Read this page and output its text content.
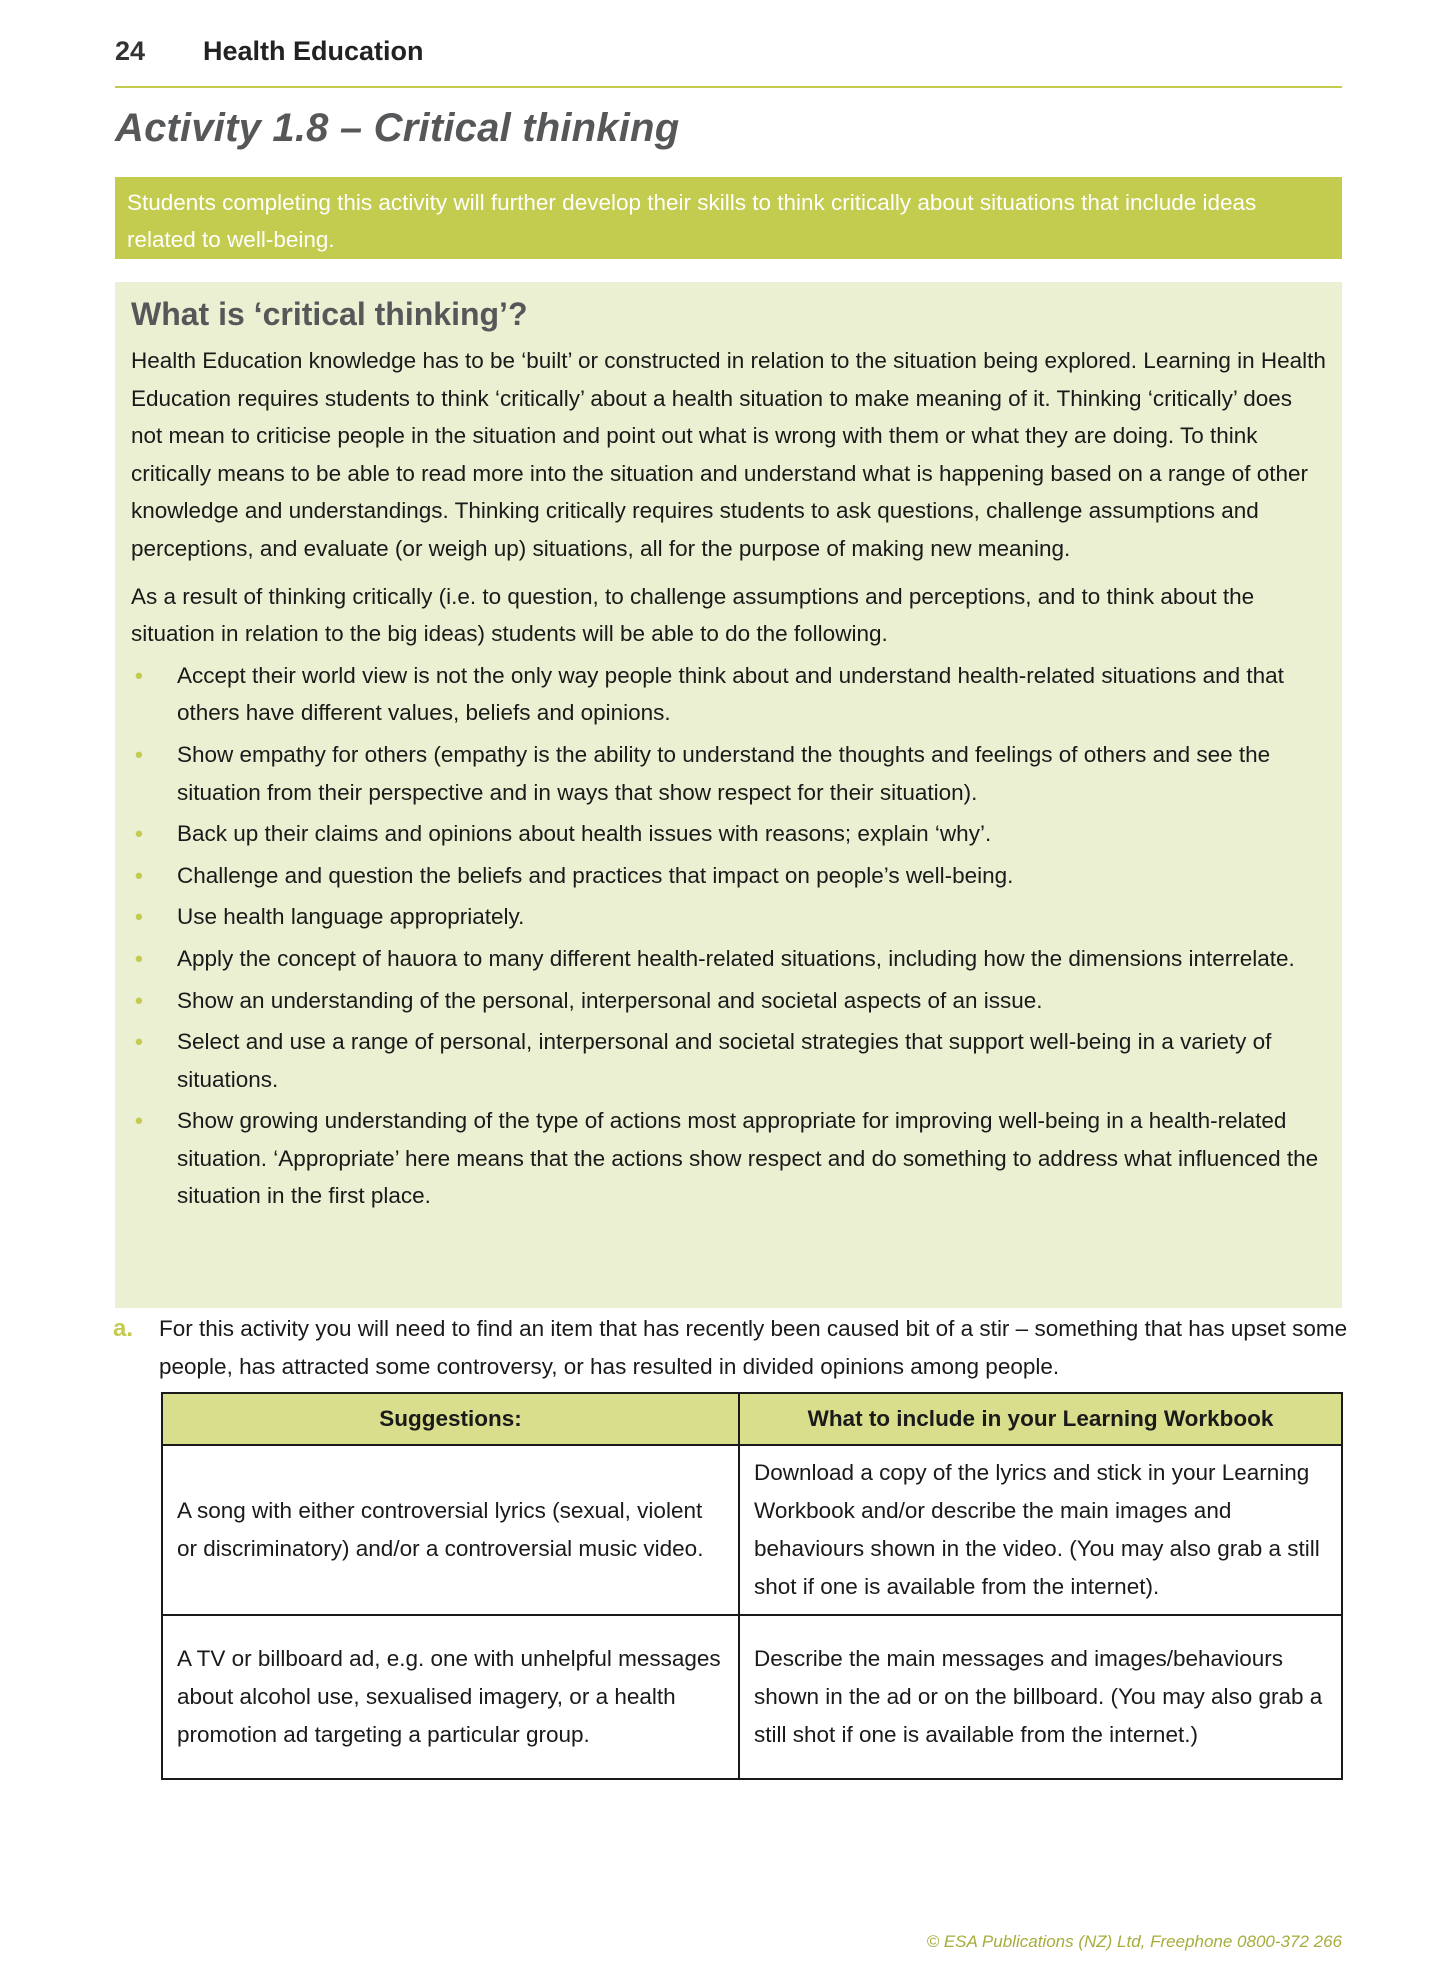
24 Health Education
Activity 1.8 – Critical thinking

Students completing this activity will further develop their skills to think critically about situations that include ideas related to well-being.

What is ‘critical thinking’?

Health Education knowledge has to be ‘built’ or constructed in relation to the situation being explored. Learning in Health Education requires students to think ‘critically’ about a health situation to make meaning of it. Thinking ‘critically’ does not mean to criticise people in the situation and point out what is wrong with them or what they are doing. To think critically means to be able to read more into the situation and understand what is happening based on a range of other knowledge and understandings. Thinking critically requires students to ask questions, challenge assumptions and perceptions, and evaluate (or weigh up) situations, all for the purpose of making new meaning.

As a result of thinking critically (i.e. to question, to challenge assumptions and perceptions, and to think about the situation in relation to the big ideas) students will be able to do the following.

• Accept their world view is not the only way people think about and understand health-related situations and that others have different values, beliefs and opinions.
• Show empathy for others (empathy is the ability to understand the thoughts and feelings of others and see the situation from their perspective and in ways that show respect for their situation).
• Back up their claims and opinions about health issues with reasons; explain ‘why’.
• Challenge and question the beliefs and practices that impact on people’s well-being.
• Use health language appropriately.
• Apply the concept of hauora to many different health-related situations, including how the dimensions interrelate.
• Show an understanding of the personal, interpersonal and societal aspects of an issue.
• Select and use a range of personal, interpersonal and societal strategies that support well-being in a variety of situations.
• Show growing understanding of the type of actions most appropriate for improving well-being in a health-related situation. ‘Appropriate’ here means that the actions show respect and do something to address what influenced the situation in the first place.
a. For this activity you will need to find an item that has recently been caused bit of a stir – something that has upset some people, has attracted some controversy, or has resulted in divided opinions among people.

Suggestions:	What to include in your Learning Workbook
A song with either controversial lyrics (sexual, violent or discriminatory) and/or a controversial music video.	Download a copy of the lyrics and stick in your Learning Workbook and/or describe the main images and behaviours shown in the video. (You may also grab a still shot if one is available from the internet).
A TV or billboard ad, e.g. one with unhelpful messages about alcohol use, sexualised imagery, or a health promotion ad targeting a particular group.	Describe the main messages and images/behaviours shown in the ad or on the billboard. (You may also grab a still shot if one is available from the internet.)
© ESA Publications (NZ) Ltd, Freephone 0800-372 266
